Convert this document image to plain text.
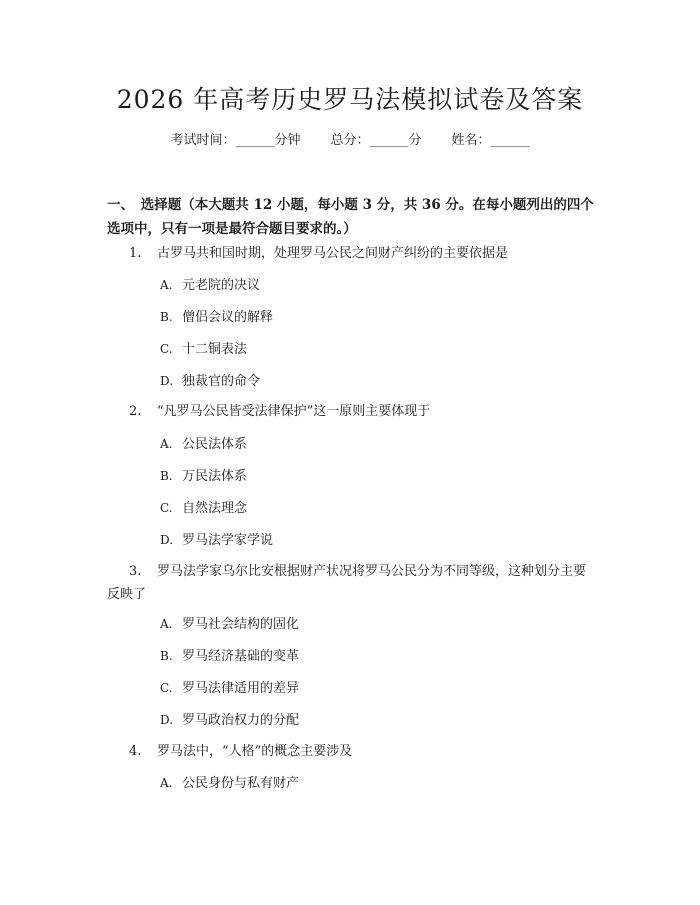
2026 年高考历史罗马法模拟试卷及答案
考试时间：______分钟 总分：______分 姓名：______
一、　选择题（本大题共 12 小题，每小题 3 分，共 36 分。在每小题列出的四个选项中，只有一项是最符合题目要求的。）
1. 古罗马共和国时期，处理罗马公民之间财产纠纷的主要依据是
A. 元老院的决议
B. 僧侣会议的解释
C. 十二铜表法
D. 独裁官的命令
2. “凡罗马公民皆受法律保护”这一原则主要体现于
A. 公民法体系
B. 万民法体系
C. 自然法理念
D. 罗马法学家学说
3. 罗马法学家乌尔比安根据财产状况将罗马公民分为不同等级，这种划分主要反映了
A. 罗马社会结构的固化
B. 罗马经济基础的变革
C. 罗马法律适用的差异
D. 罗马政治权力的分配
4. 罗马法中，“人格”的概念主要涉及
A. 公民身份与私有财产
